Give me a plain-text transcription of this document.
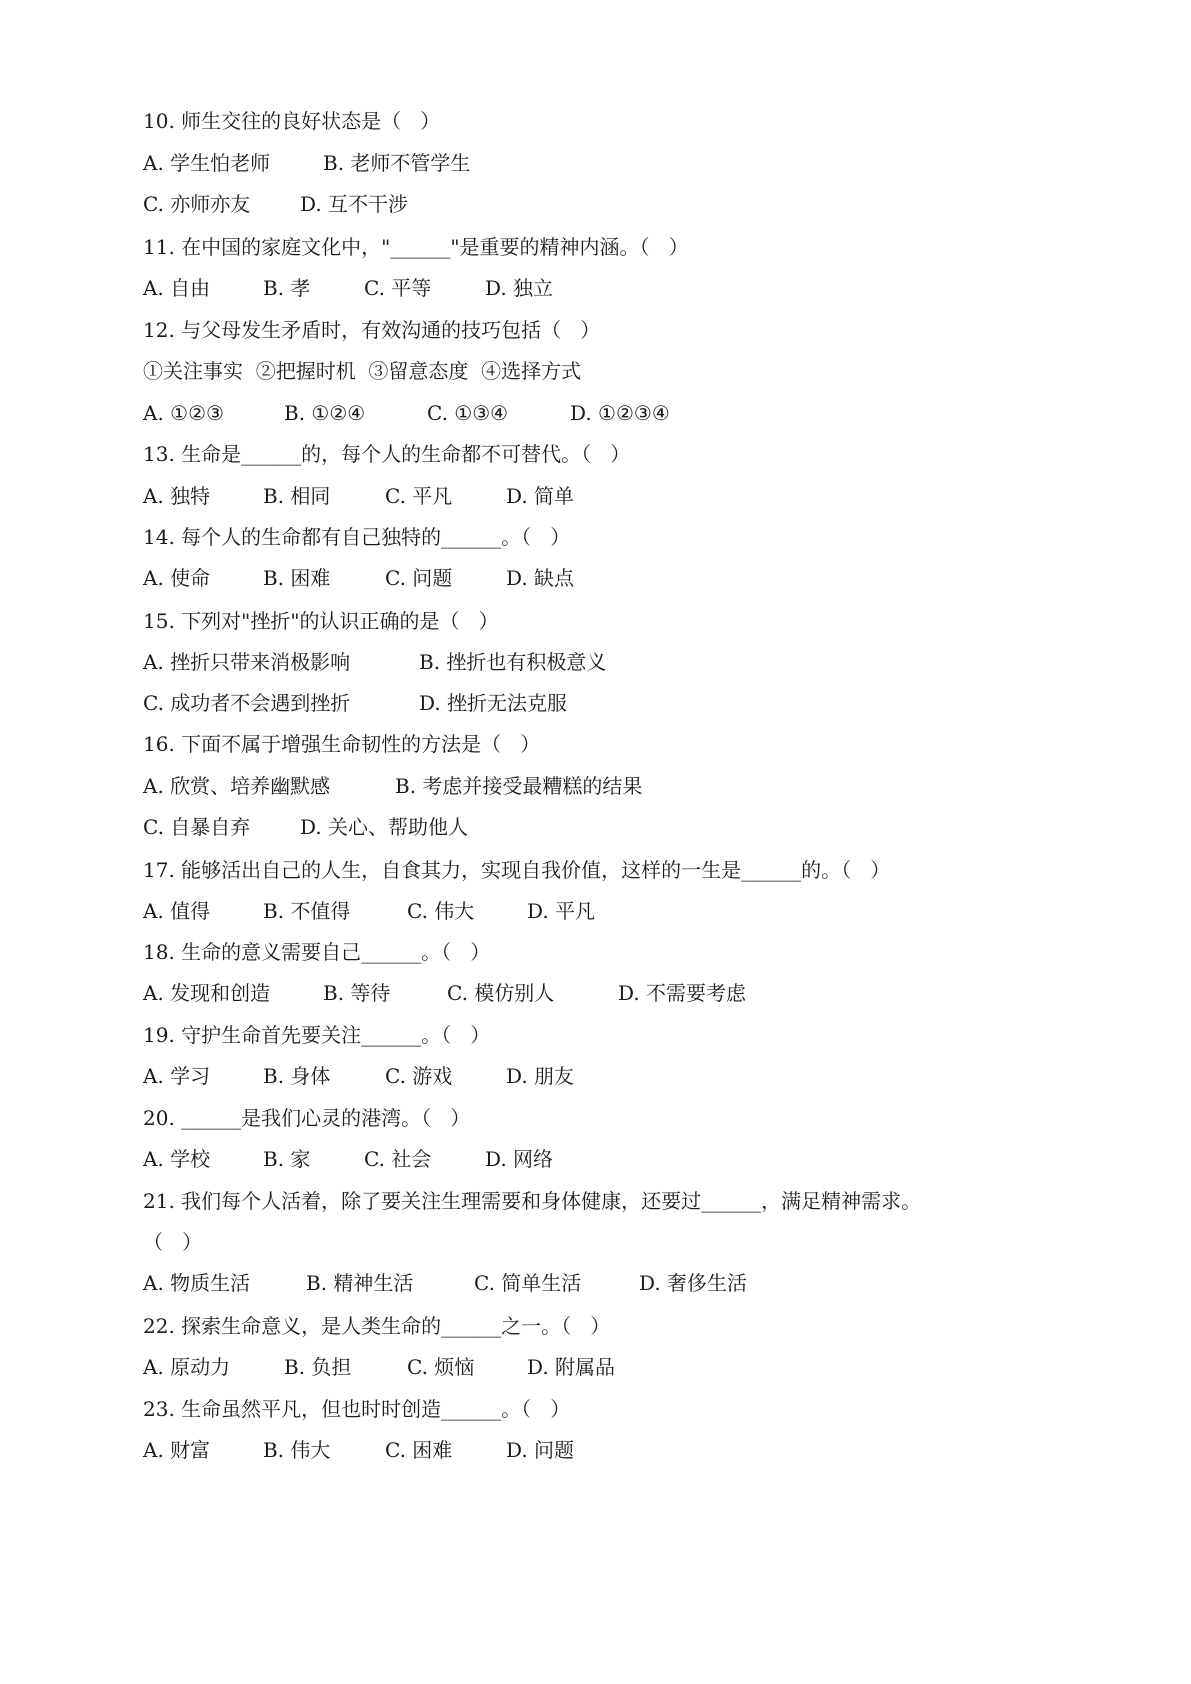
10. 师生交往的良好状态是（   ）

A. 学生怕老师

	B. 老师不管学生

C. 亦师亦友

D. 互不干涉

11. 在中国的家庭文化中，"______"是重要的精神内涵。（   ）

A. 自由

	B. 孝

	C. 平等

	D. 独立

12. 与父母发生矛盾时，有效沟通的技巧包括（   ）
①关注事实  ②把握时机  ③留意态度  ④选择方式

A. ①②③

	B. ①②④

	C. ①③④

	D. ①②③④

13. 生命是______的，每个人的生命都不可替代。（   ）

A. 独特

	B. 相同

	C. 平凡

	D. 简单

14. 每个人的生命都有自己独特的______。（   ）

A. 使命

	B. 困难

	C. 问题

	D. 缺点

15. 下列对"挫折"的认识正确的是（   ）

A. 挫折只带来消极影响

	B. 挫折也有积极意义

C. 成功者不会遇到挫折

	D. 挫折无法克服

16. 下面不属于增强生命韧性的方法是（   ）

A. 欣赏、培养幽默感

	B. 考虑并接受最糟糕的结果

C. 自暴自弃

D. 关心、帮助他人

17. 能够活出自己的人生，自食其力，实现自我价值，这样的一生是______的。（   ）

A. 值得

	B. 不值得

	C. 伟大

	D. 平凡

18. 生命的意义需要自己______。（   ）

A. 发现和创造

	B. 等待

	C. 模仿别人

	D. 不需要考虑

19. 守护生命首先要关注______。（   ）

A. 学习

	B. 身体

	C. 游戏

	D. 朋友

20. ______是我们心灵的港湾。（   ）

A. 学校

	B. 家

	C. 社会

	D. 网络

21. 我们每个人活着，除了要关注生理需要和身体健康，还要过______，满足精神需求。
（   ）

A. 物质生活

	B. 精神生活

	C. 简单生活

	D. 奢侈生活

22. 探索生命意义，是人类生命的______之一。（   ）

A. 原动力

	B. 负担

	C. 烦恼

	D. 附属品

23. 生命虽然平凡，但也时时创造______。（   ）

A. 财富

	B. 伟大

	C. 困难

	D. 问题
